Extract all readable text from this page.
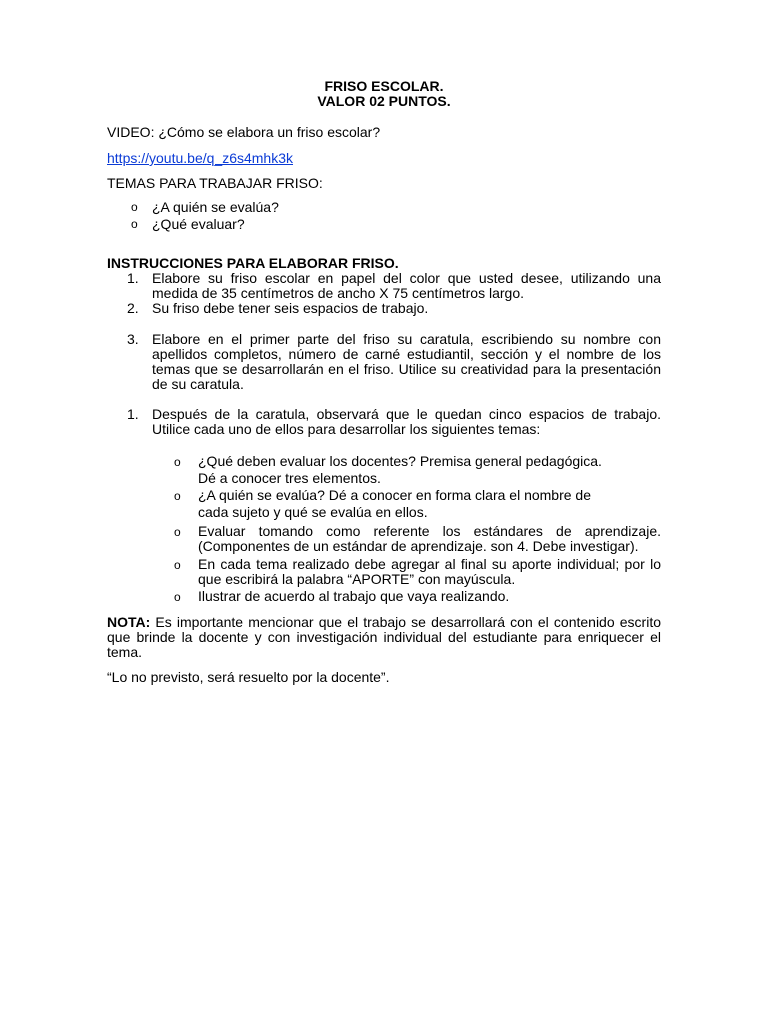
FRISO ESCOLAR.
VALOR 02 PUNTOS.

VIDEO: ¿Cómo se elabora un friso escolar?

https://youtu.be/q_z6s4mhk3k

TEMAS PARA TRABAJAR FRISO:

o ¿A quién se evalúa?
o ¿Qué evaluar?

INSTRUCCIONES PARA ELABORAR FRISO.

1. Elabore su friso escolar en papel del color que usted desee, utilizando una medida de 35 centímetros de ancho X 75 centímetros largo.
2. Su friso debe tener seis espacios de trabajo.
3. Elabore en el primer parte del friso su caratula, escribiendo su nombre con apellidos completos, número de carné estudiantil, sección y el nombre de los temas que se desarrollarán en el friso. Utilice su creatividad para la presentación de su caratula.
1. Después de la caratula, observará que le quedan cinco espacios de trabajo. Utilice cada uno de ellos para desarrollar los siguientes temas:
o ¿Qué deben evaluar los docentes? Premisa general pedagógica.
Dé a conocer tres elementos.
o ¿A quién se evalúa? Dé a conocer en forma clara el nombre de
cada sujeto y qué se evalúa en ellos.
o Evaluar tomando como referente los estándares de aprendizaje. (Componentes de un estándar de aprendizaje. son 4. Debe investigar).
o En cada tema realizado debe agregar al final su aporte individual; por lo que escribirá la palabra “APORTE” con mayúscula.
o Ilustrar de acuerdo al trabajo que vaya realizando.

NOTA: Es importante mencionar que el trabajo se desarrollará con el contenido escrito que brinde la docente y con investigación individual del estudiante para enriquecer el tema.

“Lo no previsto, será resuelto por la docente”.
